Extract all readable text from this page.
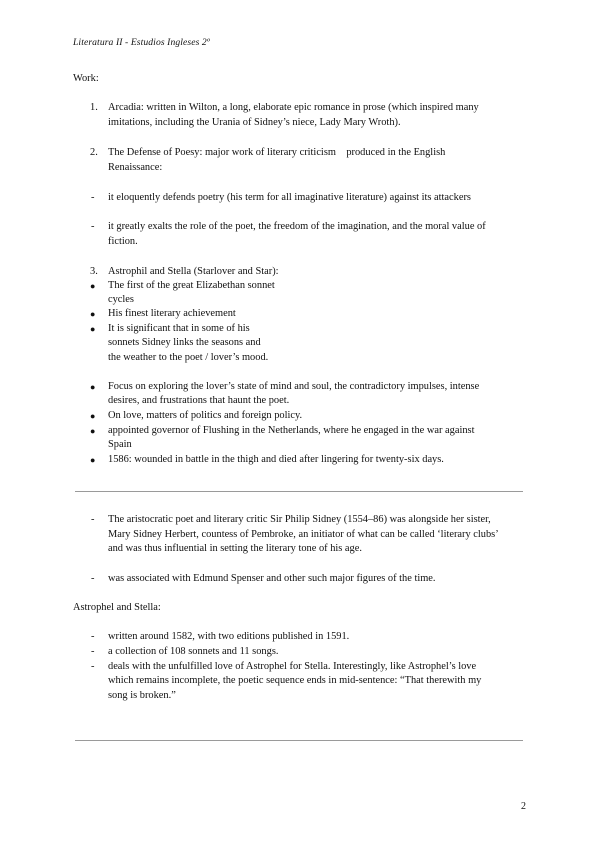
Literatura II - Estudios Ingleses 2º
Work:
1. Arcadia: written in Wilton, a long, elaborate epic romance in prose (which inspired many
imitations, including the Urania of Sidney’s niece, Lady Mary Wroth).
2. The Defense of Poesy: major work of literary criticism    produced in the English
Renaissance:
- it eloquently defends poetry (his term for all imaginative literature) against its attackers
- it greatly exalts the role of the poet, the freedom of the imagination, and the moral value of
fiction.
3. Astrophil and Stella (Starlover and Star):
● The first of the great Elizabethan sonnet
cycles
● His finest literary achievement
● It is significant that in some of his
sonnets Sidney links the seasons and
the weather to the poet / lover’s mood.
● Focus on exploring the lover’s state of mind and soul, the contradictory impulses, intense
desires, and frustrations that haunt the poet.
● On love, matters of politics and foreign policy.
● appointed governor of Flushing in the Netherlands, where he engaged in the war against
Spain
● 1586: wounded in battle in the thigh and died after lingering for twenty-six days.
- The aristocratic poet and literary critic Sir Philip Sidney (1554–86) was alongside her sister,
Mary Sidney Herbert, countess of Pembroke, an initiator of what can be called ‘literary clubs’
and was thus influential in setting the literary tone of his age.
- was associated with Edmund Spenser and other such major figures of the time.
Astrophel and Stella:
- written around 1582, with two editions published in 1591.
- a collection of 108 sonnets and 11 songs.
- deals with the unfulfilled love of Astrophel for Stella. Interestingly, like Astrophel’s love
which remains incomplete, the poetic sequence ends in mid-sentence: “That therewith my
song is broken.”
2
